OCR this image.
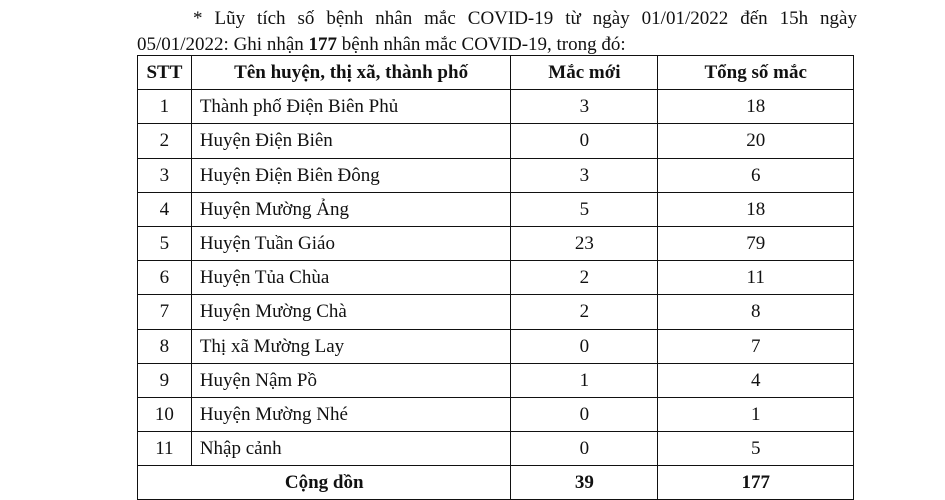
* Lũy tích số bệnh nhân mắc COVID-19 từ ngày 01/01/2022 đến 15h ngày
05/01/2022: Ghi nhận 177 bệnh nhân mắc COVID-19, trong đó:
STT	Tên huyện, thị xã, thành phố	Mắc mới	Tổng số mắc
1	Thành phố Điện Biên Phủ	3	18
2	Huyện Điện Biên	0	20
3	Huyện Điện Biên Đông	3	6
4	Huyện Mường Ảng	5	18
5	Huyện Tuần Giáo	23	79
6	Huyện Tủa Chùa	2	11
7	Huyện Mường Chà	2	8
8	Thị xã Mường Lay	0	7
9	Huyện Nậm Pồ	1	4
10	Huyện Mường Nhé	0	1
11	Nhập cảnh	0	5
Cộng dồn		39	177
